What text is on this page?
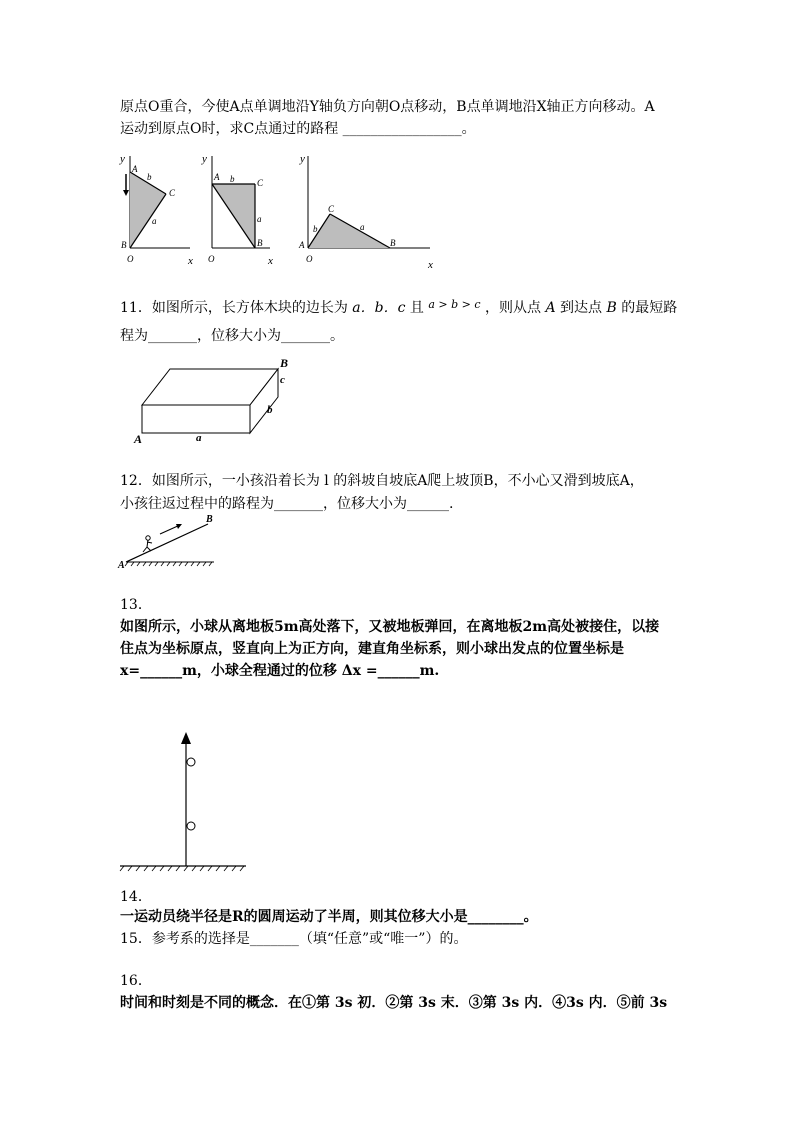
原点O重合，今使A点单调地沿Y轴负方向朝O点移动，B点单调地沿X轴正方向移动。A
运动到原点O时，求C点通过的路程 _________________。
y
A
b
C
a
B
O	x
y
A b	C
a
B
O	x
y
C
b	a
A	B
O	x
11．如图所示，长方体木块的边长为 a．b．c 且 $^{a > b > c}$ ，则从点 A 到达点 B 的最短路
程为_______，位移大小为_______。
B
c
b
A	a
12．如图所示，一小孩沿着长为 l 的斜坡自坡底A爬上坡顶B，不小心又滑到坡底A，
小孩往返过程中的路程为_______，位移大小为______.
B
A
13．
如图所示，小球从离地板5m高处落下，又被地板弹回，在离地板2m高处被接住，以接
住点为坐标原点，竖直向上为正方向，建直角坐标系，则小球出发点的位置坐标是
x=______m，小球全程通过的位移 Δx =______m.
14．
一运动员绕半径是R的圆周运动了半周，则其位移大小是________。
15．参考系的选择是_______（填“任意”或“唯一”）的。
16．
时间和时刻是不同的概念．在①第 3s 初．②第 3s 末．③第 3s 内．④3s 内．⑤前 3s
